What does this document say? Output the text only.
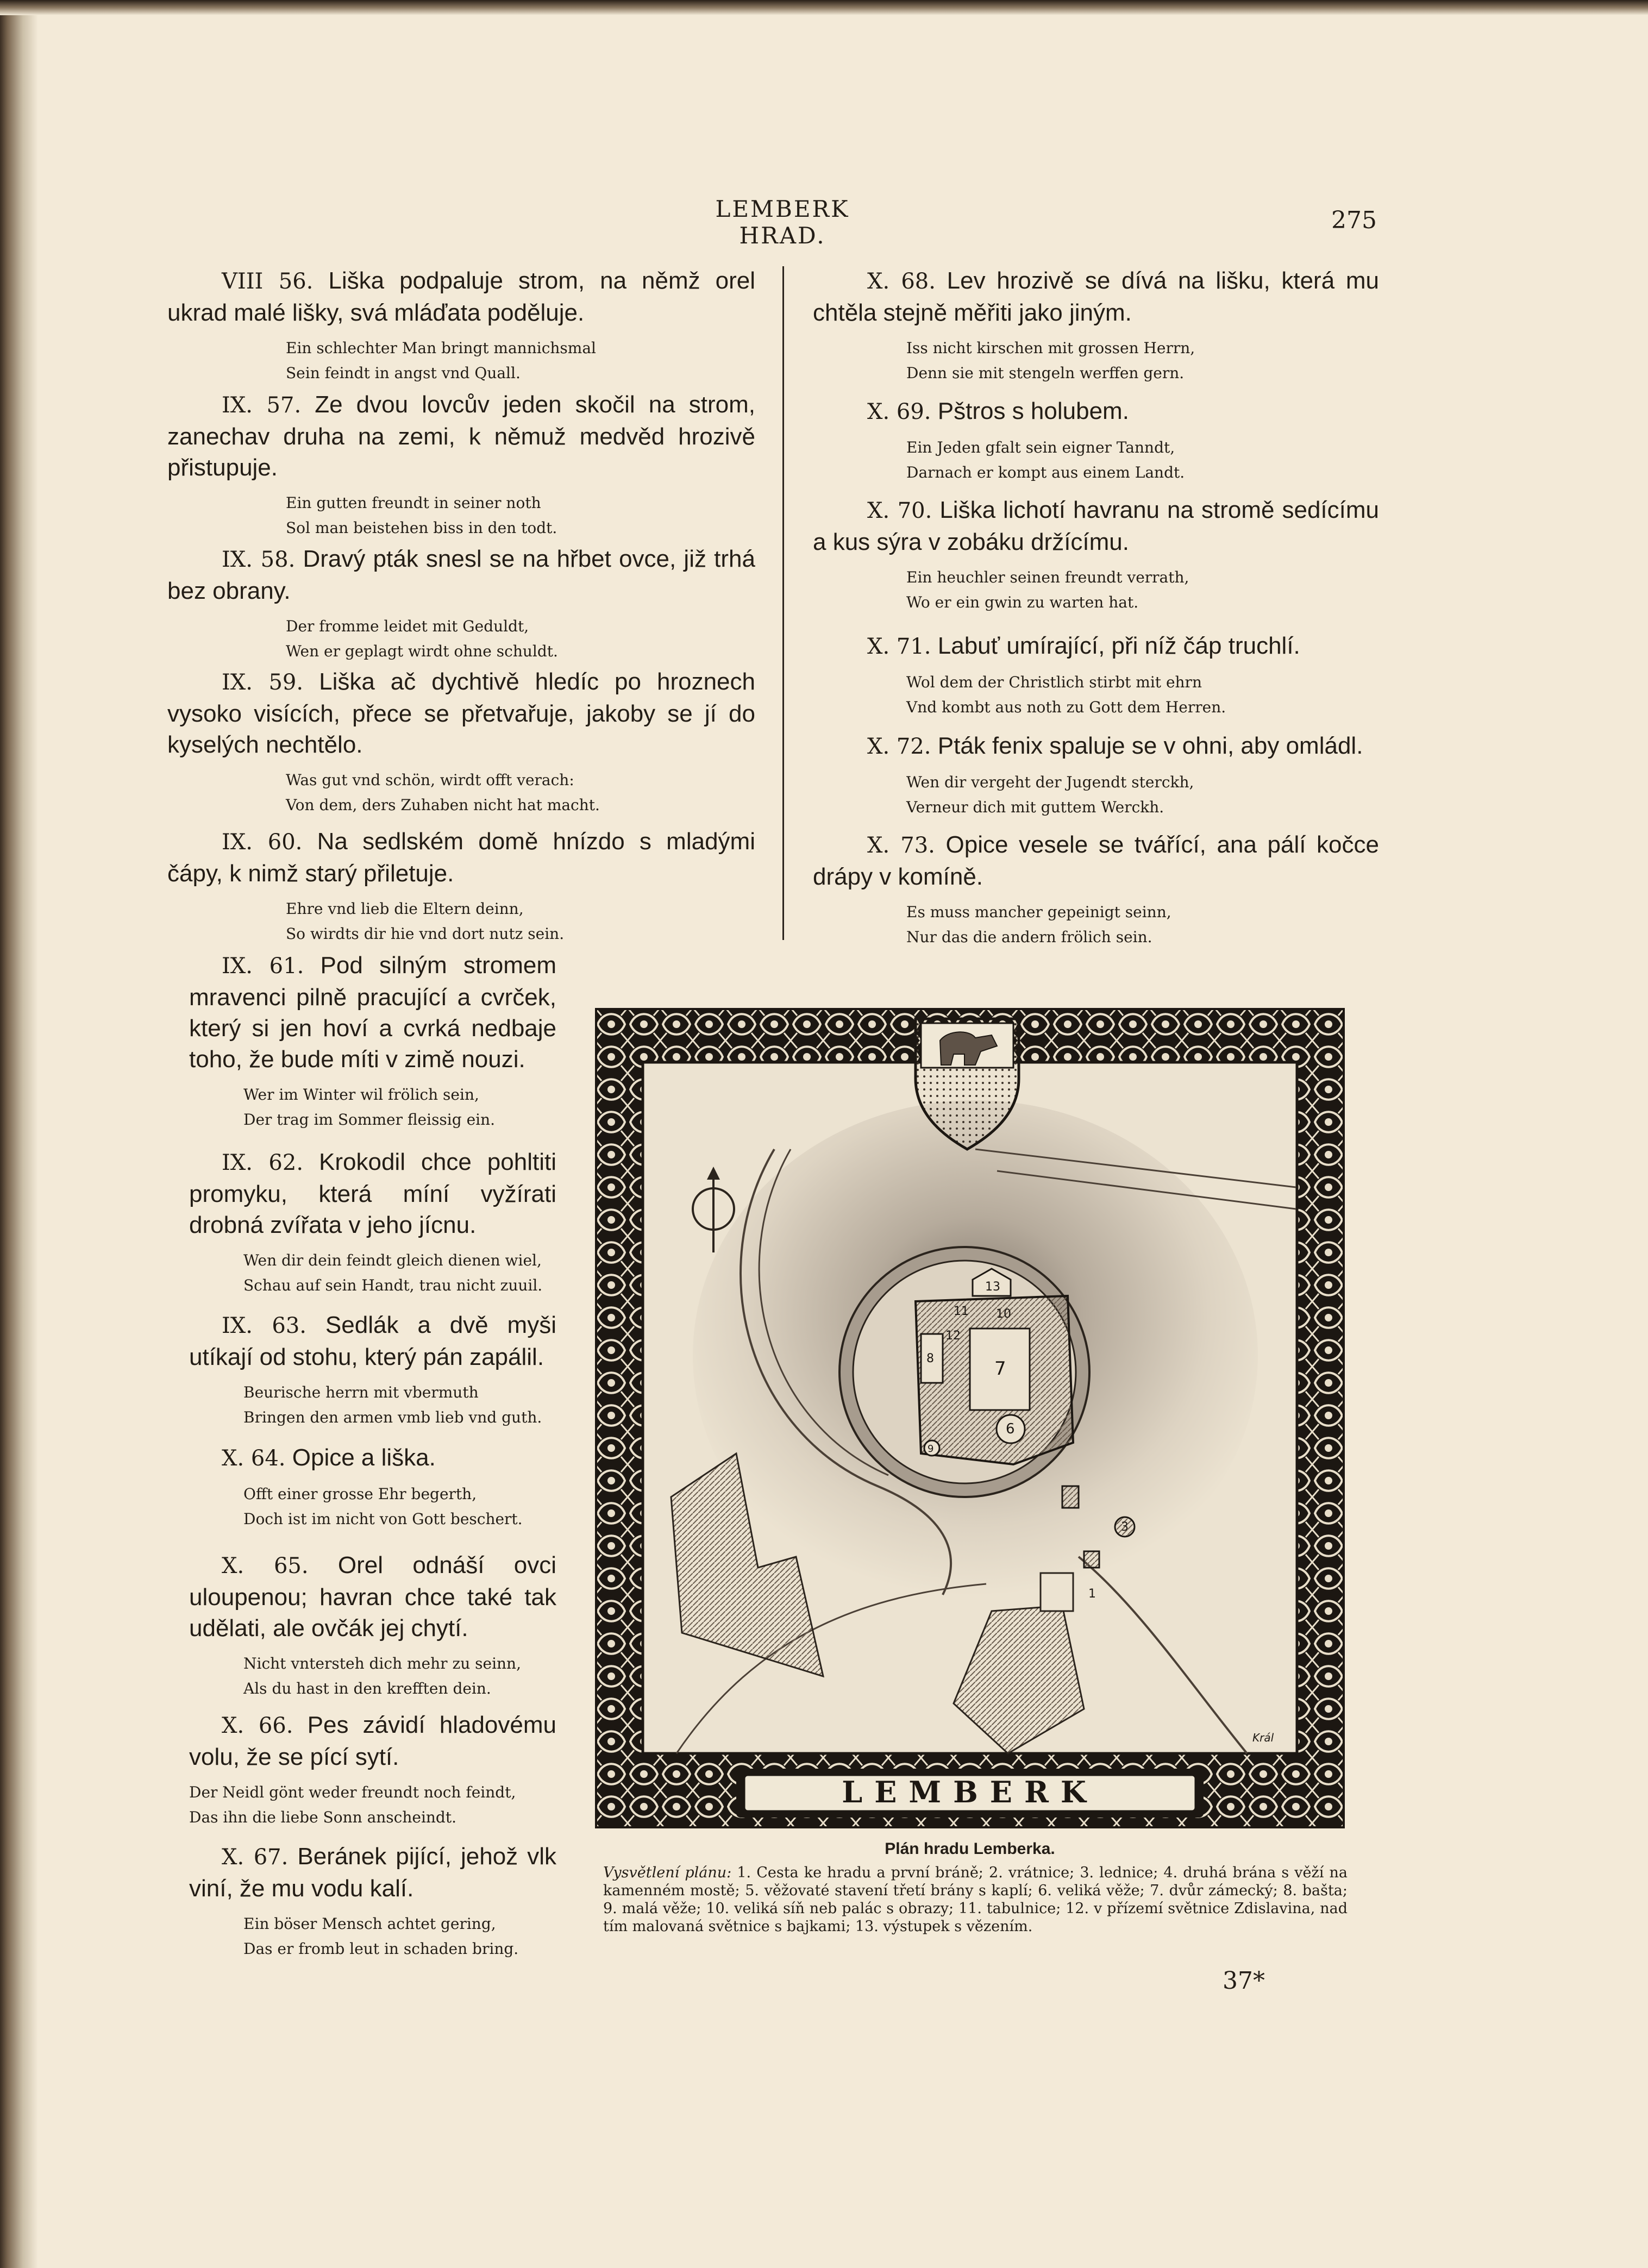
LEMBERK HRAD.
275

VIII 56. Liška podpaluje strom, na němž orel ukrad malé lišky, svá mláďata poděluje.

Ein schlechter Man bringt mannichsmal
Sein feindt in angst vnd Quall.

IX. 57. Ze dvou lovcův jeden skočil na strom, zanechav druha na zemi, k němuž medvěd hrozivě přistupuje.

Ein gutten freundt in seiner noth
Sol man beistehen biss in den todt.

IX. 58. Dravý pták snesl se na hřbet ovce, již trhá bez obrany.

Der fromme leidet mit Geduldt,
Wen er geplagt wirdt ohne schuldt.

IX. 59. Liška ač dychtivě hledíc po hroznech vysoko visících, přece se přetvařuje, jakoby se jí do kyselých nechtělo.

Was gut vnd schön, wirdt offt verach:
Von dem, ders Zuhaben nicht hat macht.

IX. 60. Na sedlském domě hnízdo s mladými čápy, k nimž starý přiletuje.

Ehre vnd lieb die Eltern deinn,
So wirdts dir hie vnd dort nutz sein.

IX. 61. Pod silným stromem mravenci pilně pracující a cvrček, který si jen hoví a cvrká nedbaje toho, že bude míti v zimě nouzi.

Wer im Winter wil frölich sein,
Der trag im Sommer fleissig ein.

IX. 62. Krokodil chce pohltiti promyku, která míní vyžírati drobná zvířata v jeho jícnu.

Wen dir dein feindt gleich dienen wiel,
Schau auf sein Handt, trau nicht zuuil.

IX. 63. Sedlák a dvě myši utíkají od stohu, který pán zapálil.

Beurische herrn mit vbermuth
Bringen den armen vmb lieb vnd guth.

X. 64. Opice a liška.

Offt einer grosse Ehr begerth,
Doch ist im nicht von Gott beschert.

X. 65. Orel odnáší ovci uloupenou; havran chce také tak udělati, ale ovčák jej chytí.

Nicht vntersteh dich mehr zu seinn,
Als du hast in den krefften dein.

X. 66. Pes závidí hladovému volu, že se pící sytí.

Der Neidl gönt weder freundt noch feindt,
Das ihn die liebe Sonn anscheindt.

X. 67. Beránek pijící, jehož vlk viní, že mu vodu kalí.

Ein böser Mensch achtet gering,
Das er fromb leut in schaden bring.

X. 68. Lev hrozivě se dívá na lišku, která mu chtěla stejně měřiti jako jiným.

Iss nicht kirschen mit grossen Herrn,
Denn sie mit stengeln werffen gern.

X. 69. Pštros s holubem.

Ein Jeden gfalt sein eigner Tanndt,
Darnach er kompt aus einem Landt.

X. 70. Liška lichotí havranu na stromě sedícímu a kus sýra v zobáku držícímu.

Ein heuchler seinen freundt verrath,
Wo er ein gwin zu warten hat.

X. 71. Labuť umírající, při níž čáp truchlí.

Wol dem der Christlich stirbt mit ehrn
Vnd kombt aus noth zu Gott dem Herren.

X. 72. Pták fenix spaluje se v ohni, aby omládl.

Wen dir vergeht der Jugendt sterckh,
Verneur dich mit guttem Werckh.

X. 73. Opice vesele se tvářící, ana pálí kočce drápy v komíně.

Es muss mancher gepeinigt seinn,
Nur das die andern frölich sein.
1
3
6
7
8
9
10
11
12
13
Král
LEMBERK

Plán hradu Lemberka.

Vysvětlení plánu: 1. Cesta ke hradu a první bráně; 2. vrátnice; 3. lednice; 4. druhá brána s věží na kamenném mostě; 5. věžovaté stavení třetí brány s kaplí; 6. veliká věže; 7. dvůr zámecký; 8. bašta; 9. malá věže; 10. veliká síň neb palác s obrazy; 11. tabulnice; 12. v přízemí světnice Zdislavina, nad tím malovaná světnice s bajkami; 13. výstupek s vězením.

37*
